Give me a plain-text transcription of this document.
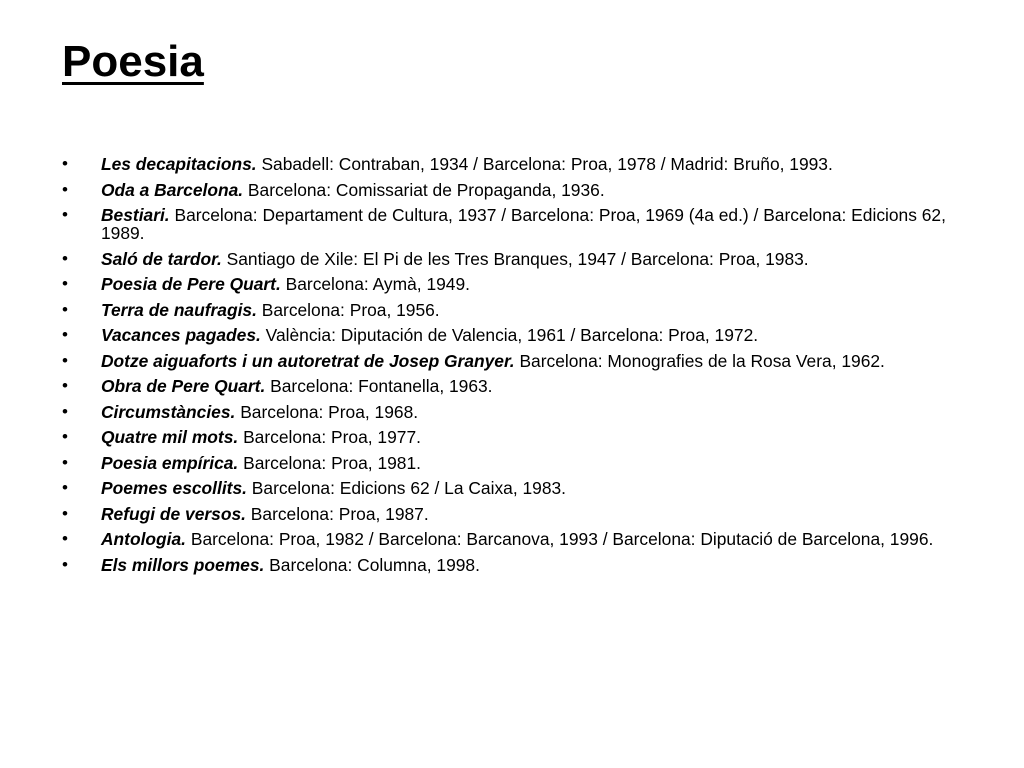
Poesia
• Les decapitacions. Sabadell: Contraban, 1934 / Barcelona: Proa, 1978 / Madrid: Bruño, 1993.
• Oda a Barcelona. Barcelona: Comissariat de Propaganda, 1936.
• Bestiari. Barcelona: Departament de Cultura, 1937 / Barcelona: Proa, 1969 (4a ed.) / Barcelona: Edicions 62, 1989.
• Saló de tardor. Santiago de Xile: El Pi de les Tres Branques, 1947 / Barcelona: Proa, 1983.
• Poesia de Pere Quart. Barcelona: Aymà, 1949.
• Terra de naufragis. Barcelona: Proa, 1956.
• Vacances pagades. València: Diputación de Valencia, 1961 / Barcelona: Proa, 1972.
• Dotze aiguaforts i un autoretrat de Josep Granyer. Barcelona: Monografies de la Rosa Vera, 1962.
• Obra de Pere Quart. Barcelona: Fontanella, 1963.
• Circumstàncies. Barcelona: Proa, 1968.
• Quatre mil mots. Barcelona: Proa, 1977.
• Poesia empírica. Barcelona: Proa, 1981.
• Poemes escollits. Barcelona: Edicions 62 / La Caixa, 1983.
• Refugi de versos. Barcelona: Proa, 1987.
• Antologia. Barcelona: Proa, 1982 / Barcelona: Barcanova, 1993 / Barcelona: Diputació de Barcelona, 1996.
• Els millors poemes. Barcelona: Columna, 1998.
